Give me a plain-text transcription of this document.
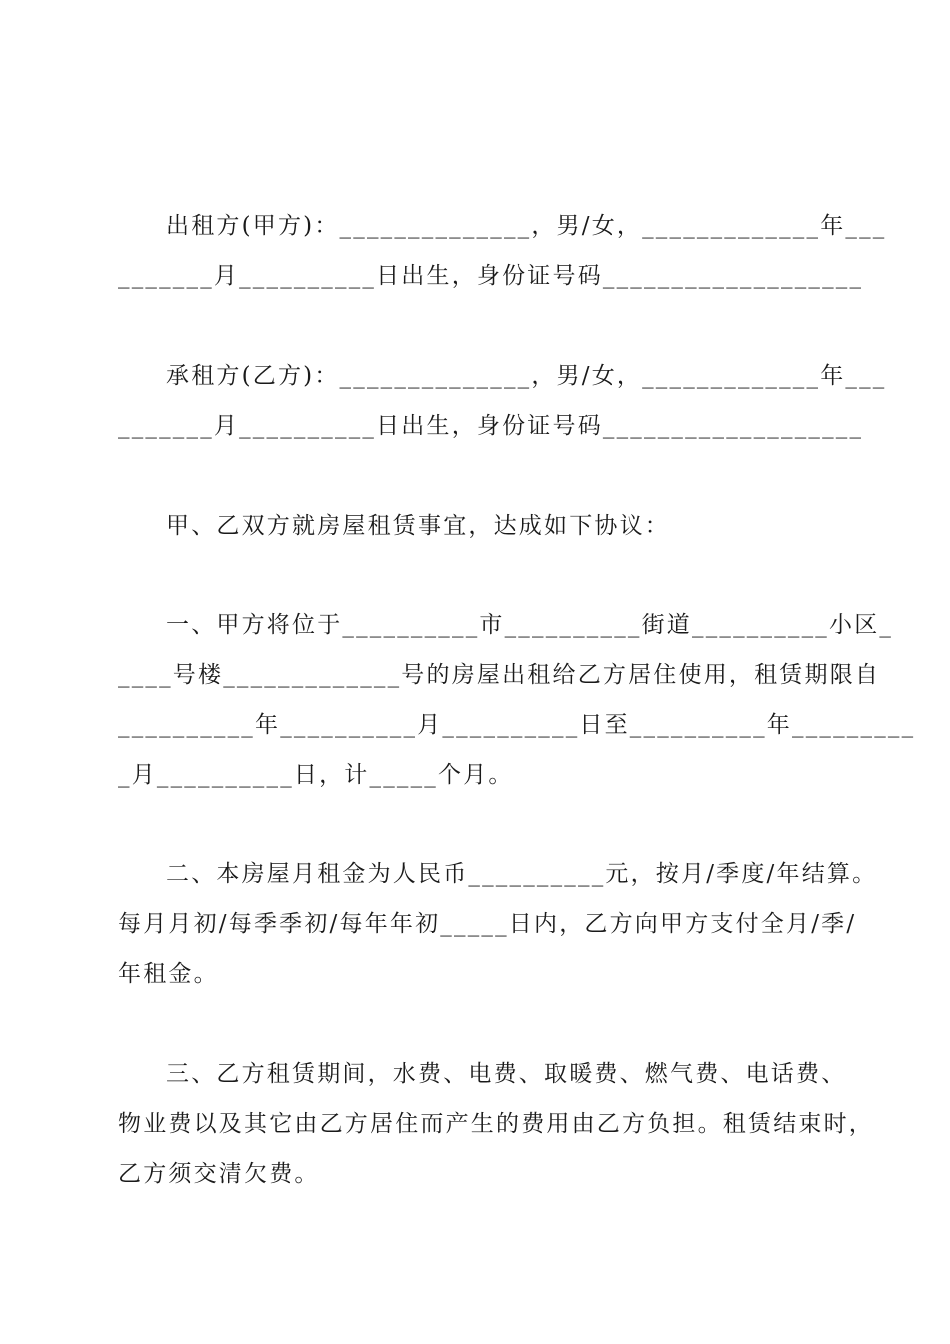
出租方(甲方)：______________，男/女，_____________年___
_______月__________日出生，身份证号码___________________
承租方(乙方)：______________，男/女，_____________年___
_______月__________日出生，身份证号码___________________
甲、乙双方就房屋租赁事宜，达成如下协议：
一、甲方将位于__________市__________街道__________小区_
____号楼_____________号的房屋出租给乙方居住使用，租赁期限自
__________年__________月__________日至__________年_________
_月__________日，计_____个月。
二、本房屋月租金为人民币__________元，按月/季度/年结算。
每月月初/每季季初/每年年初_____日内，乙方向甲方支付全月/季/
年租金。
三、乙方租赁期间，水费、电费、取暖费、燃气费、电话费、
物业费以及其它由乙方居住而产生的费用由乙方负担。租赁结束时，
乙方须交清欠费。
